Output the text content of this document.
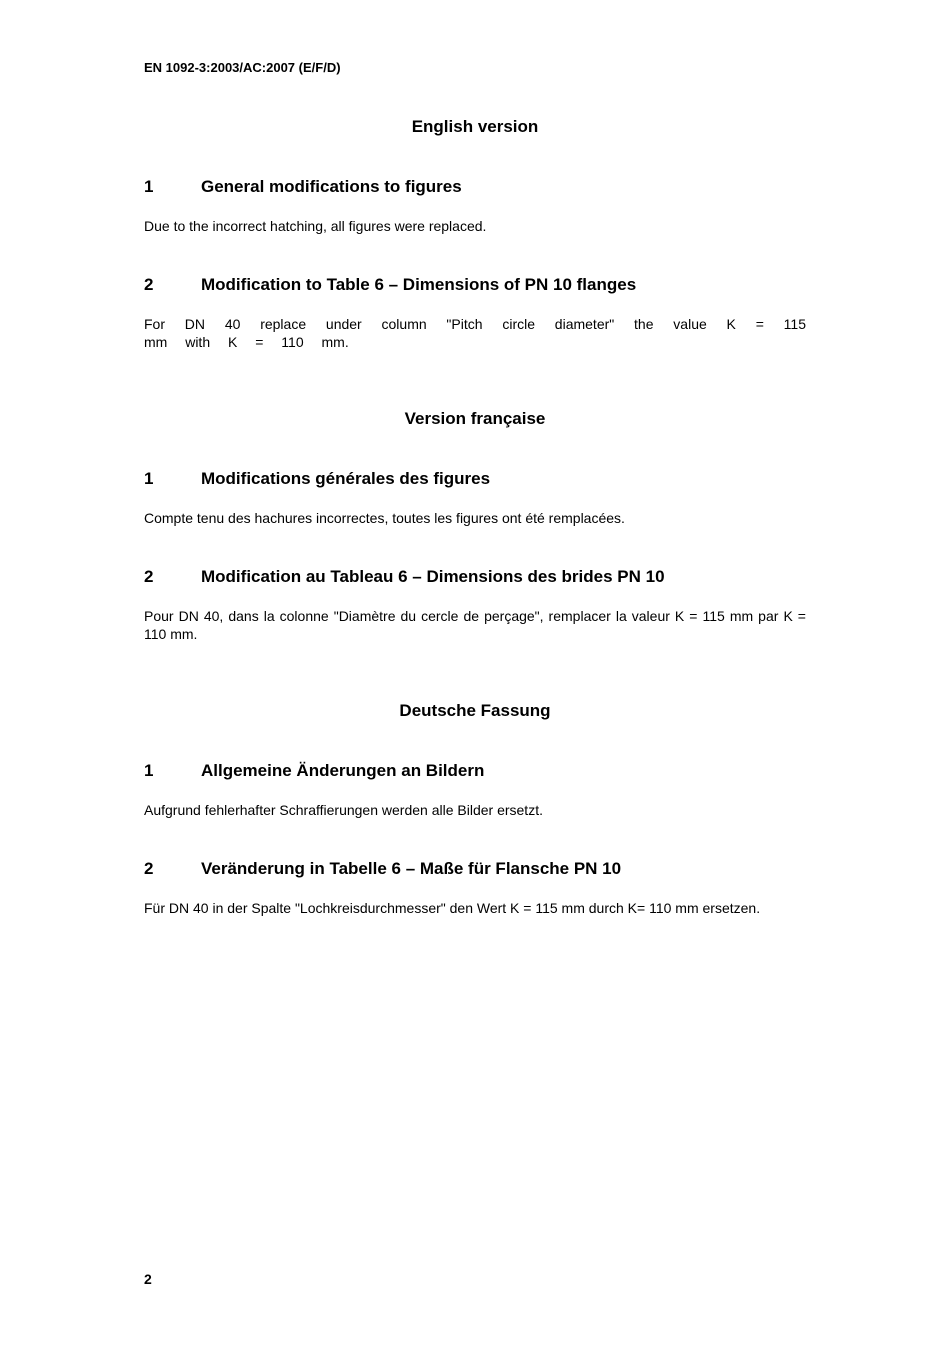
EN 1092-3:2003/AC:2007 (E/F/D)
English version
1	General modifications to figures
Due to the incorrect hatching, all figures were replaced.
2	Modification to Table 6 – Dimensions of PN 10 flanges
For DN 40 replace under column "Pitch circle diameter" the value K = 115 mm with K = 110 mm.
Version française
1	Modifications générales des figures
Compte tenu des hachures incorrectes, toutes les figures ont été remplacées.
2	Modification au Tableau 6 – Dimensions des brides PN 10
Pour DN 40, dans la colonne "Diamètre du cercle de perçage", remplacer la valeur K = 115 mm par K = 110 mm.
Deutsche Fassung
1	Allgemeine Änderungen an Bildern
Aufgrund fehlerhafter Schraffierungen werden alle Bilder ersetzt.
2	Veränderung in Tabelle 6 – Maße für Flansche PN 10
Für DN 40 in der Spalte "Lochkreisdurchmesser" den Wert K = 115 mm durch K= 110 mm ersetzen.
2
